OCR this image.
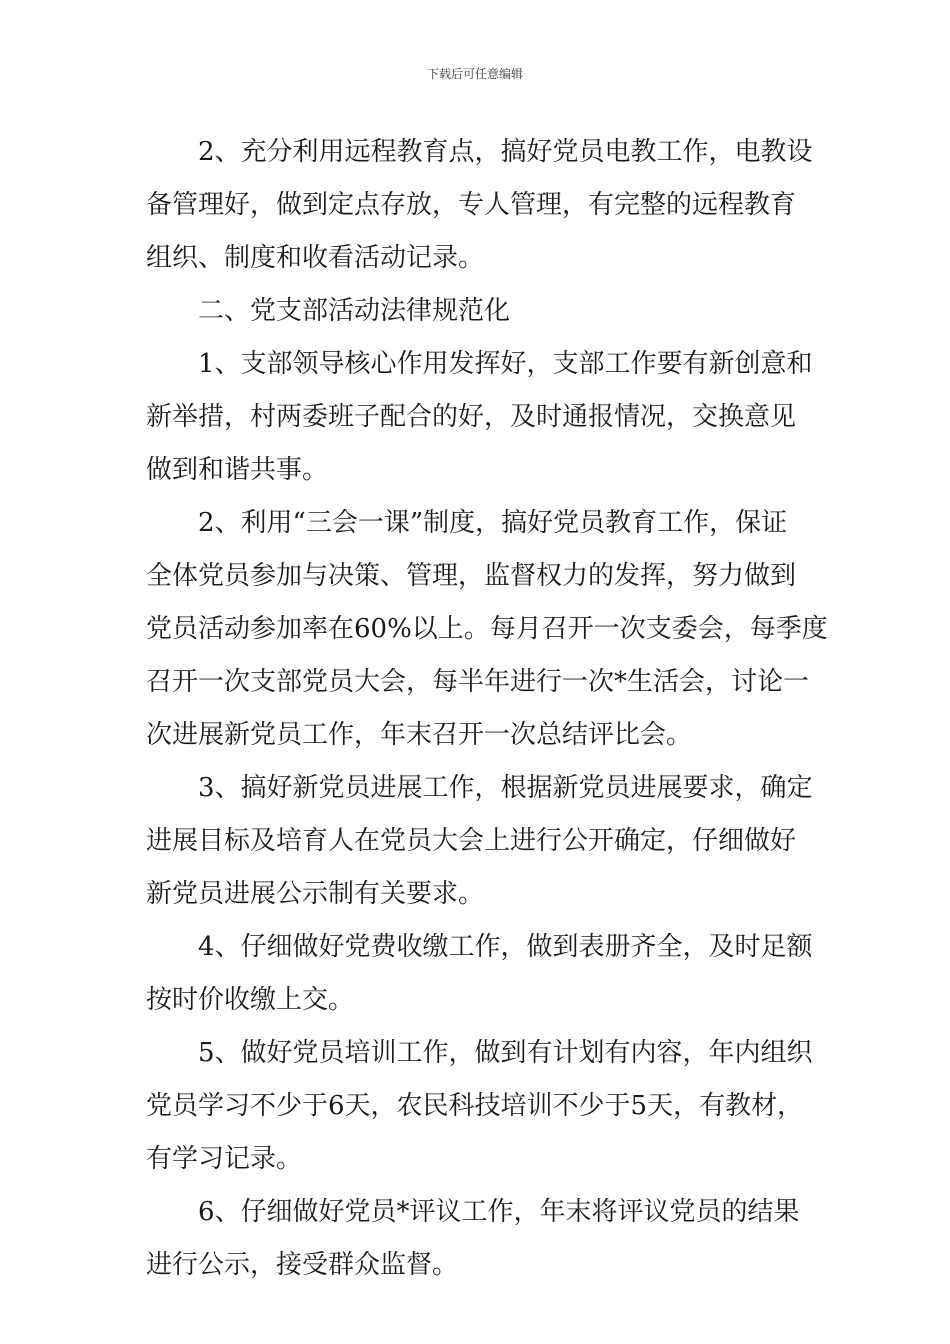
下载后可任意编辑

2、充分利用远程教育点，搞好党员电教工作，电教设
备管理好，做到定点存放，专人管理，有完整的远程教育
组织、制度和收看活动记录。

二、党支部活动法律规范化

1、支部领导核心作用发挥好，支部工作要有新创意和
新举措，村两委班子配合的好，及时通报情况，交换意见
做到和谐共事。

2、利用“三会一课”制度，搞好党员教育工作，保证
全体党员参加与决策、管理，监督权力的发挥，努力做到
党员活动参加率在60%以上。每月召开一次支委会，每季度
召开一次支部党员大会，每半年进行一次*生活会，讨论一
次进展新党员工作，年末召开一次总结评比会。

3、搞好新党员进展工作，根据新党员进展要求，确定
进展目标及培育人在党员大会上进行公开确定，仔细做好
新党员进展公示制有关要求。

4、仔细做好党费收缴工作，做到表册齐全，及时足额
按时价收缴上交。

5、做好党员培训工作，做到有计划有内容，年内组织
党员学习不少于6天，农民科技培训不少于5天，有教材，
有学习记录。

6、仔细做好党员*评议工作，年末将评议党员的结果
进行公示，接受群众监督。
